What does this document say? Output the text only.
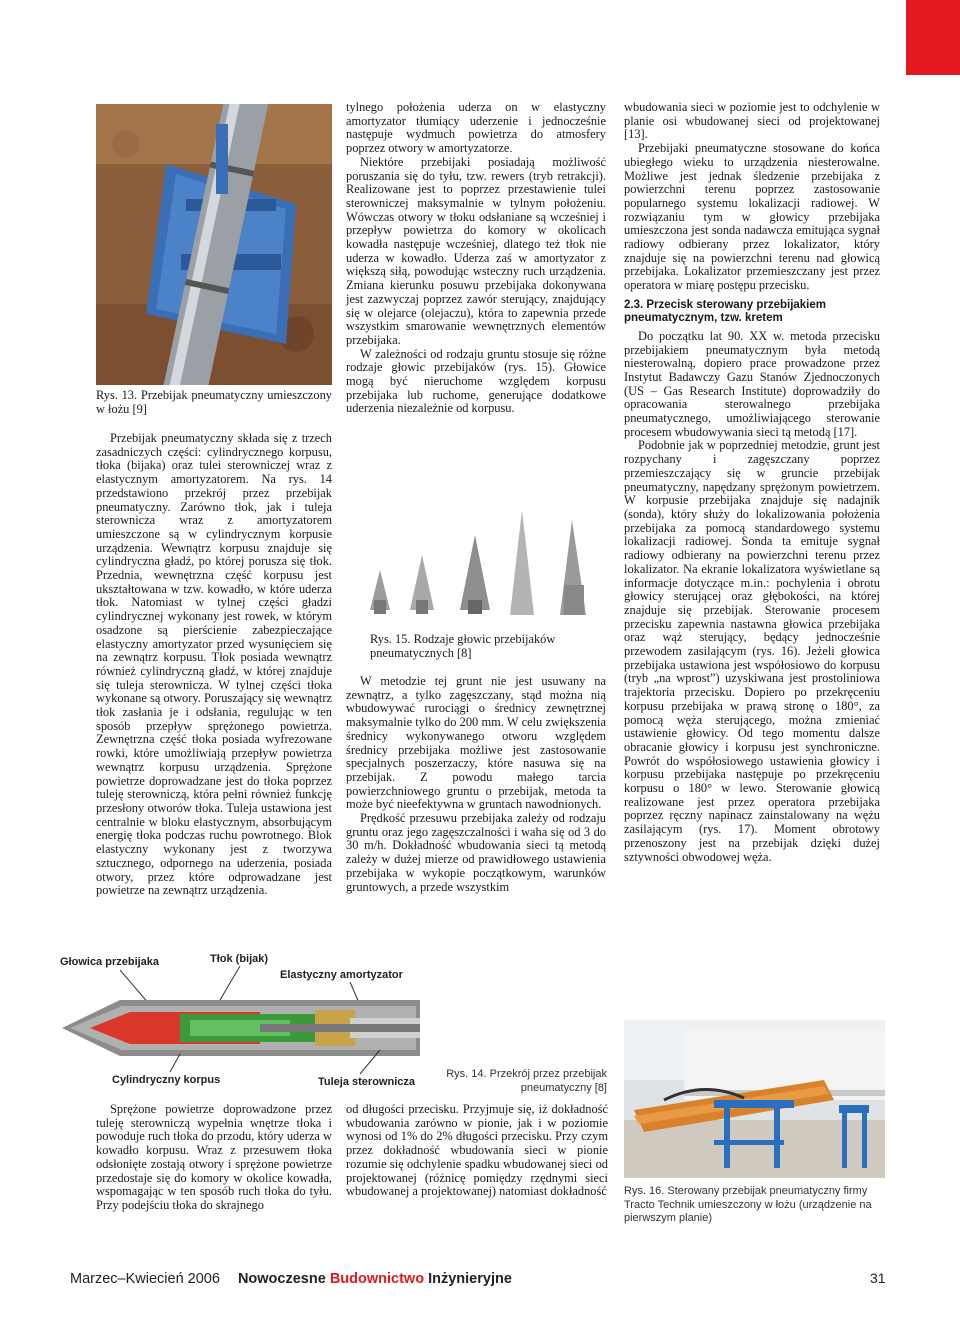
Rys. 13. Przebijak pneumatyczny umieszczony w łożu [9]

Przebijak pneumatyczny składa się z trzech zasadniczych części: cylindrycznego korpusu, tłoka (bijaka) oraz tulei sterowniczej wraz z elastycznym amortyzatorem. Na rys. 14 przedstawiono przekrój przez przebijak pneumatyczny. Zarówno tłok, jak i tuleja sterownicza wraz z amortyzatorem umieszczone są w cylindrycznym korpusie urządzenia. Wewnątrz korpusu znajduje się cylindryczna gładź, po której porusza się tłok. Przednia, wewnętrzna część korpusu jest ukształtowana w tzw. kowadło, w które uderza tłok. Natomiast w tylnej części gładzi cylindrycznej wykonany jest rowek, w którym osadzone są pierścienie zabezpieczające elastyczny amortyzator przed wysunięciem się na zewnątrz korpusu. Tłok posiada wewnątrz również cylindryczną gładź, w której znajduje się tuleja sterownicza. W tylnej części tłoka wykonane są otwory. Poruszający się wewnątrz tłok zasłania je i odsłania, regulując w ten sposób przepływ sprężonego powietrza. Zewnętrzna część tłoka posiada wyfrezowane rowki, które umożliwiają przepływ powietrza wewnątrz korpusu urządzenia. Sprężone powietrze doprowadzane jest do tłoka poprzez tuleję sterowniczą, która pełni również funkcję przesłony otworów tłoka. Tuleja ustawiona jest centralnie w bloku elastycznym, absorbującym energię tłoka podczas ruchu powrotnego. Blok elastyczny wykonany jest z tworzywa sztucznego, odpornego na uderzenia, posiada otwory, przez które odprowadzane jest powietrze na zewnątrz urządzenia.

Głowica przebijaka	Tłok (bijak)
Elastyczny amortyzator
Cylindryczny korpus	Tuleja sterownicza

Sprężone powietrze doprowadzone przez tuleję sterowniczą wypełnia wnętrze tłoka i powoduje ruch tłoka do przodu, który uderza w kowadło korpusu. Wraz z przesuwem tłoka odsłonięte zostają otwory i sprężone powietrze przedostaje się do komory w okolice kowadła, wspomagając w ten sposób ruch tłoka do tyłu. Przy podejściu tłoka do skrajnego

tylnego położenia uderza on w elastyczny amortyzator tłumiący uderzenie i jednocześnie następuje wydmuch powietrza do atmosfery poprzez otwory w amortyzatorze.

Niektóre przebijaki posiadają możliwość poruszania się do tyłu, tzw. rewers (tryb retrakcji). Realizowane jest to poprzez przestawienie tulei sterowniczej maksymalnie w tylnym położeniu. Wówczas otwory w tłoku odsłaniane są wcześniej i przepływ powietrza do komory w okolicach kowadła następuje wcześniej, dlatego też tłok nie uderza w kowadło. Uderza zaś w amortyzator z większą siłą, powodując wsteczny ruch urządzenia. Zmiana kierunku posuwu przebijaka dokonywana jest zazwyczaj poprzez zawór sterujący, znajdujący się w olejarce (olejaczu), która to zapewnia przede wszystkim smarowanie wewnętrznych elementów przebijaka.

W zależności od rodzaju gruntu stosuje się różne rodzaje głowic przebijaków (rys. 15). Głowice mogą być nieruchome względem korpusu przebijaka lub ruchome, generujące dodatkowe uderzenia niezależnie od korpusu.

Rys. 15. Rodzaje głowic przebijaków pneumatycznych [8]

W metodzie tej grunt nie jest usuwany na zewnątrz, a tylko zagęszczany, stąd można nią wbudowywać rurociągi o średnicy zewnętrznej maksymalnie tylko do 200 mm. W celu zwiększenia średnicy wykonywanego otworu względem średnicy przebijaka możliwe jest zastosowanie specjalnych poszerzaczy, które nasuwa się na przebijak. Z powodu małego tarcia powierzchniowego gruntu o przebijak, metoda ta może być nieefektywna w gruntach nawodnionych.

Prędkość przesuwu przebijaka zależy od rodzaju gruntu oraz jego zagęszczalności i waha się od 3 do 30 m/h. Dokładność wbudowania sieci tą metodą zależy w dużej mierze od prawidłowego ustawienia przebijaka w wykopie początkowym, warunków gruntowych, a przede wszystkim

Rys. 14. Przekrój przez przebijak pneumatyczny [8]

od długości przecisku. Przyjmuje się, iż dokładność wbudowania zarówno w pionie, jak i w poziomie wynosi od 1% do 2% długości przecisku. Przy czym przez dokładność wbudowania sieci w pionie rozumie się odchylenie spadku wbudowanej sieci od projektowanej (różnicę pomiędzy rzędnymi sieci wbudowanej a projektowanej) natomiast dokładność

wbudowania sieci w poziomie jest to odchylenie w planie osi wbudowanej sieci od projektowanej [13].

Przebijaki pneumatyczne stosowane do końca ubiegłego wieku to urządzenia niesterowalne. Możliwe jest jednak śledzenie przebijaka z powierzchni terenu poprzez zastosowanie popularnego systemu lokalizacji radiowej. W rozwiązaniu tym w głowicy przebijaka umieszczona jest sonda nadawcza emitująca sygnał radiowy odbierany przez lokalizator, który znajduje się na powierzchni terenu nad głowicą przebijaka. Lokalizator przemieszczany jest przez operatora w miarę postępu przecisku.

2.3. Przecisk sterowany przebijakiem pneumatycznym, tzw. kretem

Do początku lat 90. XX w. metoda przecisku przebijakiem pneumatycznym była metodą niesterowalną, dopiero prace prowadzone przez Instytut Badawczy Gazu Stanów Zjednoczonych (US – Gas Research Institute) doprowadziły do opracowania sterowalnego przebijaka pneumatycznego, umożliwiającego sterowanie procesem wbudowywania sieci tą metodą [17].

Podobnie jak w poprzedniej metodzie, grunt jest rozpychany i zagęszczany poprzez przemieszczający się w gruncie przebijak pneumatyczny, napędzany sprężonym powietrzem. W korpusie przebijaka znajduje się nadajnik (sonda), który służy do lokalizowania położenia przebijaka za pomocą standardowego systemu lokalizacji radiowej. Sonda ta emituje sygnał radiowy odbierany na powierzchni terenu przez lokalizator. Na ekranie lokalizatora wyświetlane są informacje dotyczące m.in.: pochylenia i obrotu głowicy sterującej oraz głębokości, na której znajduje się przebijak. Sterowanie procesem przecisku zapewnia nastawna głowica przebijaka oraz wąż sterujący, będący jednocześnie przewodem zasilającym (rys. 16). Jeżeli głowica przebijaka ustawiona jest współosiowo do korpusu (tryb „na wprost”) uzyskiwana jest prostoliniowa trajektoria przecisku. Dopiero po przekręceniu korpusu przebijaka w prawą stronę o 180°, za pomocą węża sterującego, można zmieniać ustawienie głowicy. Od tego momentu dalsze obracanie głowicy i korpusu jest synchroniczne. Powrót do współosiowego ustawienia głowicy i korpusu przebijaka następuje po przekręceniu korpusu o 180° w lewo. Sterowanie głowicą realizowane jest przez operatora przebijaka poprzez ręczny napinacz zainstalowany na wężu zasilającym (rys. 17). Moment obrotowy przenoszony jest na przebijak dzięki dużej sztywności obwodowej węża.

Rys. 16. Sterowany przebijak pneumatyczny firmy Tracto Technik umieszczony w łożu (urządzenie na pierwszym planie)

Marzec–Kwiecień 2006 Nowoczesne Budownictwo Inżynieryjne	31
